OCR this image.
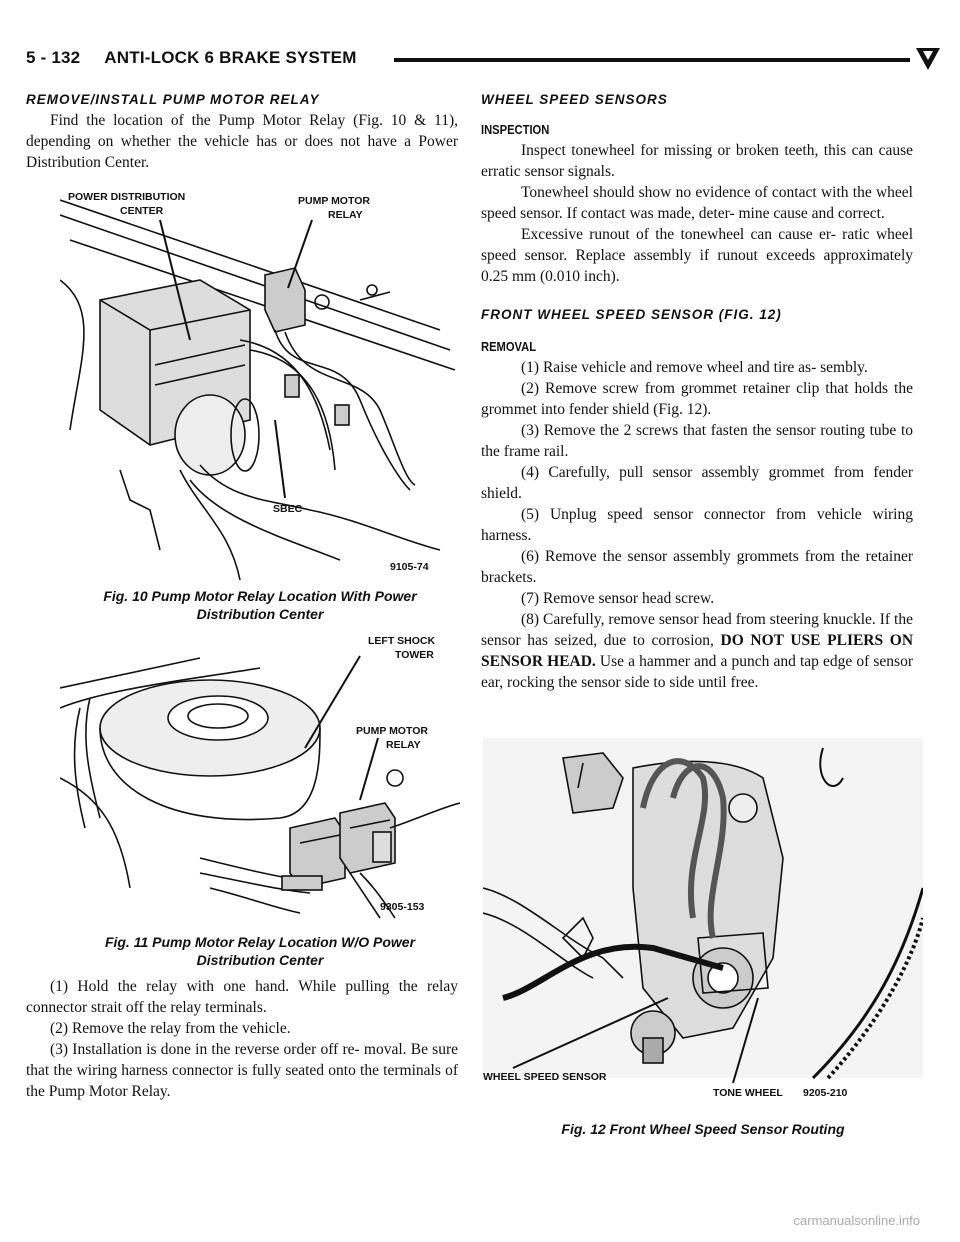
5 - 132     ANTI-LOCK 6 BRAKE SYSTEM
REMOVE/INSTALL PUMP MOTOR RELAY

Find the location of the Pump Motor Relay (Fig. 10 & 11), depending on whether the vehicle has or does not have a Power Distribution Center.

POWER DISTRIBUTION
CENTER
PUMP MOTOR
RELAY
SBEC
9105-74
Fig. 10 Pump Motor Relay Location With Power
Distribution Center
LEFT SHOCK
TOWER
PUMP MOTOR
RELAY
9305-153
Fig. 11 Pump Motor Relay Location W/O Power
Distribution Center

(1) Hold the relay with one hand. While pulling the relay connector strait off the relay terminals.

(2) Remove the relay from the vehicle.

(3) Installation is done in the reverse order off re- moval. Be sure that the wiring harness connector is fully seated onto the terminals of the Pump Motor Relay.

WHEEL SPEED SENSORS
INSPECTION

Inspect tonewheel for missing or broken teeth, this can cause erratic sensor signals.

Tonewheel should show no evidence of contact with the wheel speed sensor. If contact was made, deter- mine cause and correct.

Excessive runout of the tonewheel can cause er- ratic wheel speed sensor. Replace assembly if runout exceeds approximately 0.25 mm (0.010 inch).

FRONT WHEEL SPEED SENSOR (FIG. 12)
REMOVAL

(1) Raise vehicle and remove wheel and tire as- sembly.

(2) Remove screw from grommet retainer clip that holds the grommet into fender shield (Fig. 12).

(3) Remove the 2 screws that fasten the sensor routing tube to the frame rail.

(4) Carefully, pull sensor assembly grommet from fender shield.

(5) Unplug speed sensor connector from vehicle wiring harness.

(6) Remove the sensor assembly grommets from the retainer brackets.

(7) Remove sensor head screw.

(8) Carefully, remove sensor head from steering knuckle. If the sensor has seized, due to corrosion, DO NOT USE PLIERS ON SENSOR HEAD. Use a hammer and a punch and tap edge of sensor ear, rocking the sensor side to side until free.

WHEEL SPEED SENSOR
TONE WHEEL 9205-210
Fig. 12 Front Wheel Speed Sensor Routing
carmanualsonline.info
